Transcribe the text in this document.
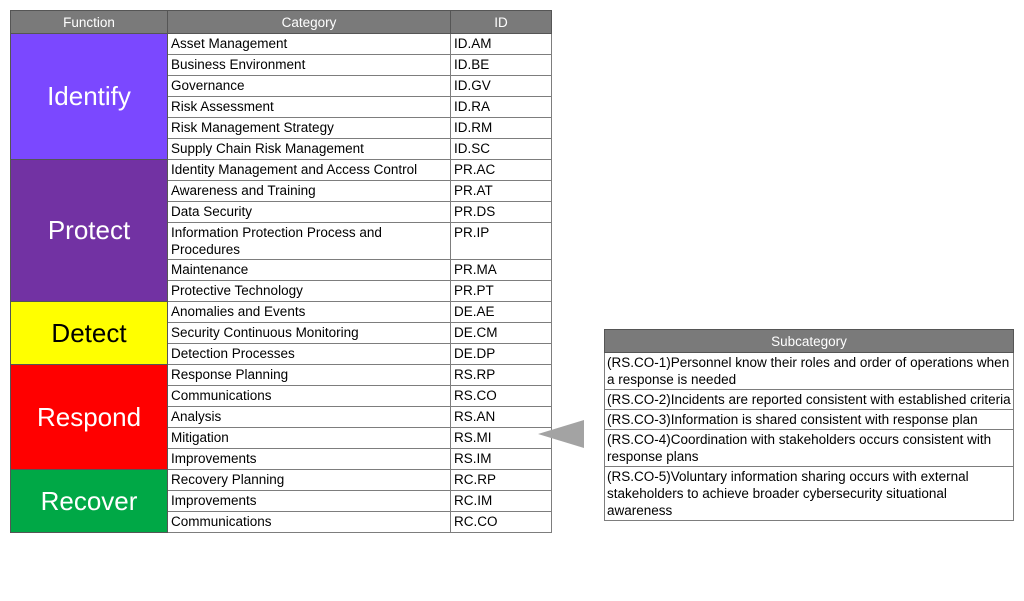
Function	Category	ID
Identify	Asset Management	ID.AM
	Business Environment	ID.BE
	Governance	ID.GV
	Risk Assessment	ID.RA
	Risk Management Strategy	ID.RM
	Supply Chain Risk Management	ID.SC
Protect	Identity Management and Access Control	PR.AC
	Awareness and Training	PR.AT
	Data Security	PR.DS
	Information Protection Process and Procedures	PR.IP
	Maintenance	PR.MA
	Protective Technology	PR.PT
Detect	Anomalies and Events	DE.AE
	Security Continuous Monitoring	DE.CM
	Detection Processes	DE.DP
Respond	Response Planning	RS.RP
	Communications	RS.CO
	Analysis	RS.AN
	Mitigation	RS.MI
	Improvements	RS.IM
Recover	Recovery Planning	RC.RP
	Improvements	RC.IM
	Communications	RC.CO
Subcategory
(RS.CO-1)Personnel know their roles and order of operations when a response is needed
(RS.CO-2)Incidents are reported consistent with established criteria
(RS.CO-3)Information is shared consistent with response plan
(RS.CO-4)Coordination with stakeholders occurs consistent with response plans
(RS.CO-5)Voluntary information sharing occurs with external stakeholders to achieve broader cybersecurity situational awareness
